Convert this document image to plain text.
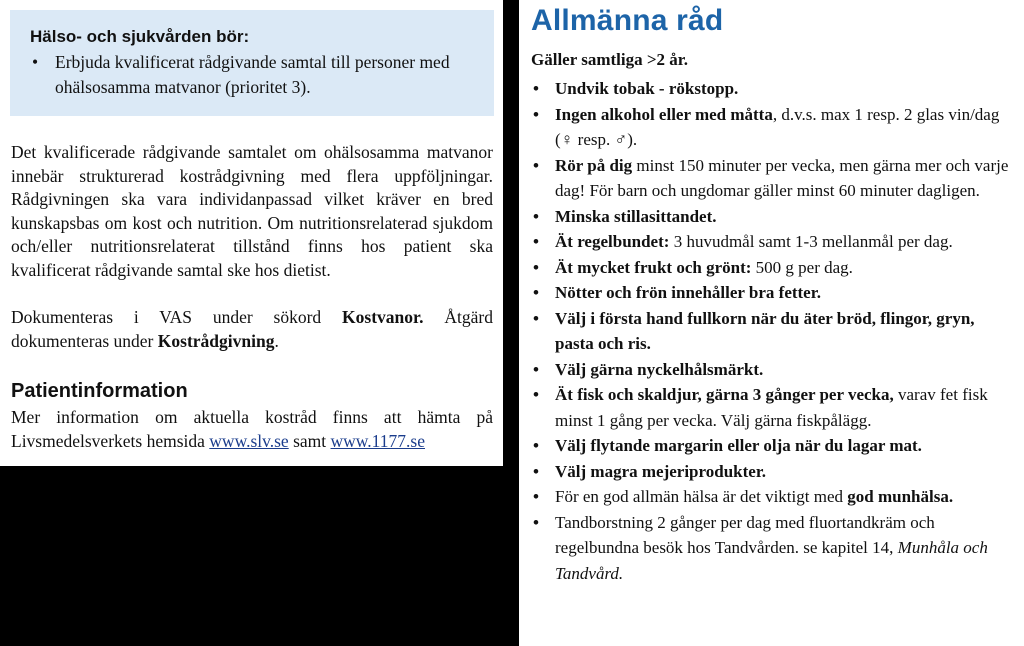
Hälso- och sjukvården bör:
• Erbjuda kvalificerat rådgivande samtal till personer med ohälsosamma matvanor (prioritet 3).

Det kvalificerade rådgivande samtalet om ohälsosamma matvanor innebär strukturerad kostrådgivning med flera uppföljningar. Rådgivningen ska vara individanpassad vilket kräver en bred kunskapsbas om kost och nutrition. Om nutritionsrelaterad sjukdom och/eller nutritionsrelaterat tillstånd finns hos patient ska kvalificerat rådgivande samtal ske hos dietist.

Dokumenteras i VAS under sökord Kostvanor. Åtgärd dokumenteras under Kostrådgivning.

Patientinformation

Mer information om aktuella kostråd finns att hämta på Livsmedelsverkets hemsida www.slv.se samt www.1177.se

Allmänna råd

Gäller samtliga >2 år.

• Undvik tobak - rökstopp.
• Ingen alkohol eller med måtta, d.v.s. max 1 resp. 2 glas vin/dag (♀ resp. ♂).
• Rör på dig minst 150 minuter per vecka, men gärna mer och varje dag! För barn och ungdomar gäller minst 60 minuter dagligen.
• Minska stillasittandet.
• Ät regelbundet: 3 huvudmål samt 1-3 mellanmål per dag.
• Ät mycket frukt och grönt: 500 g per dag.
• Nötter och frön innehåller bra fetter.
• Välj i första hand fullkorn när du äter bröd, flingor, gryn, pasta och ris.
• Välj gärna nyckelhålsmärkt.
• Ät fisk och skaldjur, gärna 3 gånger per vecka, varav fet fisk minst 1 gång per vecka. Välj gärna fiskpålägg.
• Välj flytande margarin eller olja när du lagar mat.
• Välj magra mejeriprodukter.
• För en god allmän hälsa är det viktigt med god munhälsa.
• Tandborstning 2 gånger per dag med fluortandkräm och regelbundna besök hos Tandvården. se kapitel 14, Munhåla och Tandvård.
